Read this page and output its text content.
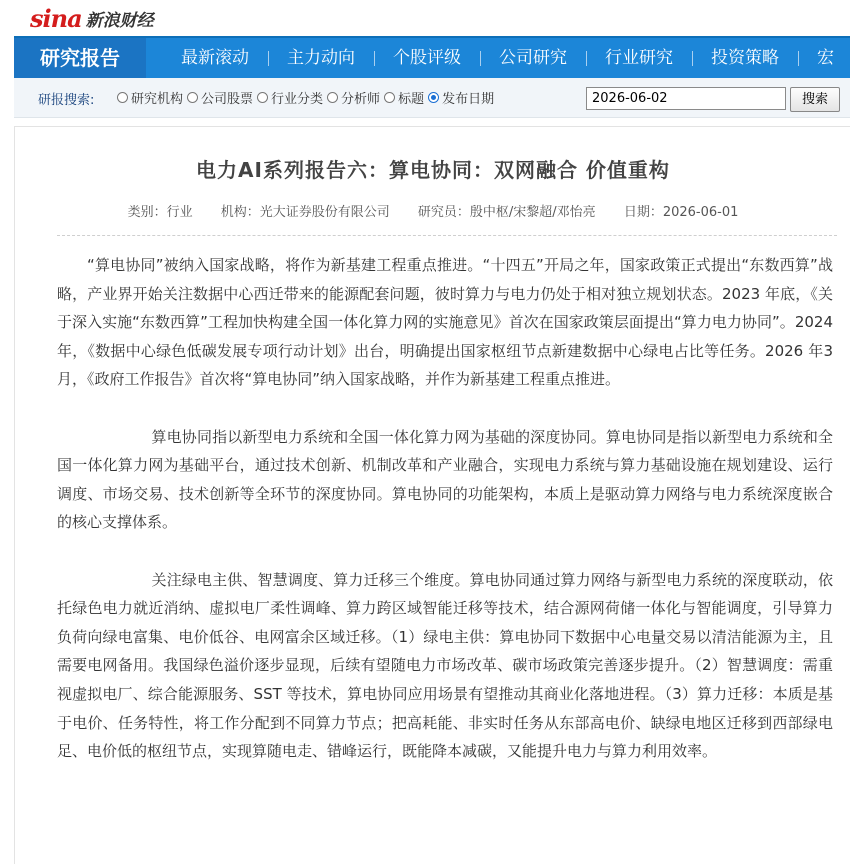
sina 新浪财经
研究报告	最新滚动	主力动向	个股评级	公司研究	行业研究	投资策略	宏
研报搜索:	研究机构 公司股票 行业分类 分析师 标题 发布日期
2026-06-02	搜索
电力AI系列报告六：算电协同：双网融合 价值重构
类别：行业 机构：光大证券股份有限公司 研究员：殷中枢/宋黎超/邓怡亮 日期：2026-06-01

“算电协同”被纳入国家战略，将作为新基建工程重点推进。“十四五”开局之年，国家政策正式提出“东数西算”战略，产业界开始关注数据中心西迁带来的能源配套问题，彼时算力与电力仍处于相对独立规划状态。2023 年底，《关于深入实施“东数西算”工程加快构建全国一体化算力网的实施意见》首次在国家政策层面提出“算力电力协同”。2024 年，《数据中心绿色低碳发展专项行动计划》出台，明确提出国家枢纽节点新建数据中心绿电占比等任务。2026 年3月，《政府工作报告》首次将“算电协同”纳入国家战略，并作为新基建工程重点推进。

算电协同指以新型电力系统和全国一体化算力网为基础的深度协同。算电协同是指以新型电力系统和全国一体化算力网为基础平台，通过技术创新、机制改革和产业融合，实现电力系统与算力基础设施在规划建设、运行调度、市场交易、技术创新等全环节的深度协同。算电协同的功能架构，本质上是驱动算力网络与电力系统深度嵌合的核心支撑体系。

关注绿电主供、智慧调度、算力迁移三个维度。算电协同通过算力网络与新型电力系统的深度联动，依托绿色电力就近消纳、虚拟电厂柔性调峰、算力跨区域智能迁移等技术，结合源网荷储一体化与智能调度，引导算力负荷向绿电富集、电价低谷、电网富余区域迁移。（1）绿电主供：算电协同下数据中心电量交易以清洁能源为主，且需要电网备用。我国绿色溢价逐步显现，后续有望随电力市场改革、碳市场政策完善逐步提升。（2）智慧调度：需重视虚拟电厂、综合能源服务、SST 等技术，算电协同应用场景有望推动其商业化落地进程。（3）算力迁移：本质是基于电价、任务特性，将工作分配到不同算力节点；把高耗能、非实时任务从东部高电价、缺绿电地区迁移到西部绿电足、电价低的枢纽节点，实现算随电走、错峰运行，既能降本减碳，又能提升电力与算力利用效率。
